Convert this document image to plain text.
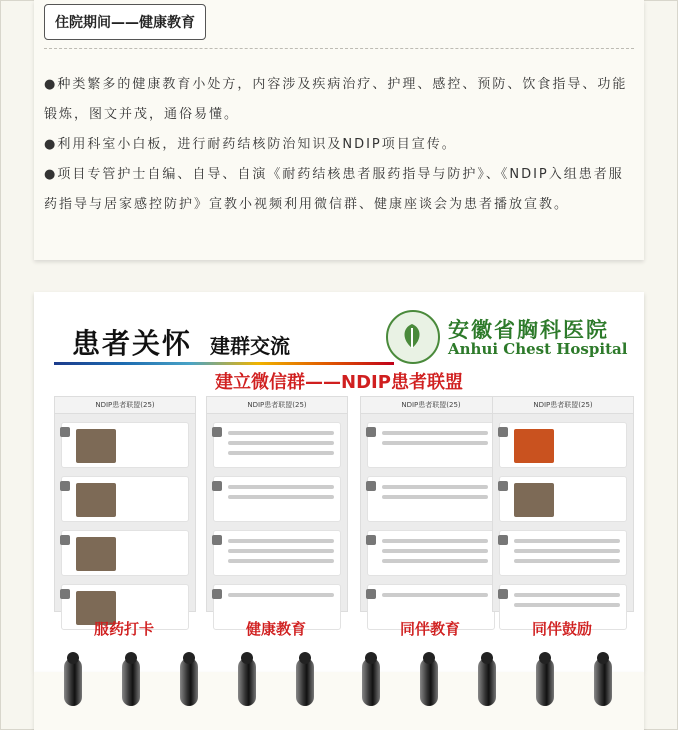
住院期间——健康教育
●种类繁多的健康教育小处方，内容涉及疾病治疗、护理、感控、预防、饮食指导、功能锻炼，图文并茂，通俗易懂。
●利用科室小白板，进行耐药结核防治知识及NDIP项目宣传。
●项目专管护士自编、自导、自演《耐药结核患者服药指导与防护》、《NDIP入组患者服药指导与居家感控防护》宣教小视频利用微信群、健康座谈会为患者播放宣教。
患者关怀 建群交流
安徽省胸科医院
Anhui Chest Hospital
建立微信群——NDIP患者联盟
NDIP患者联盟(25)	NDIP患者联盟(25)	NDIP患者联盟(25)	NDIP患者联盟(25)
服药打卡	健康教育	同伴教育	同伴鼓励
